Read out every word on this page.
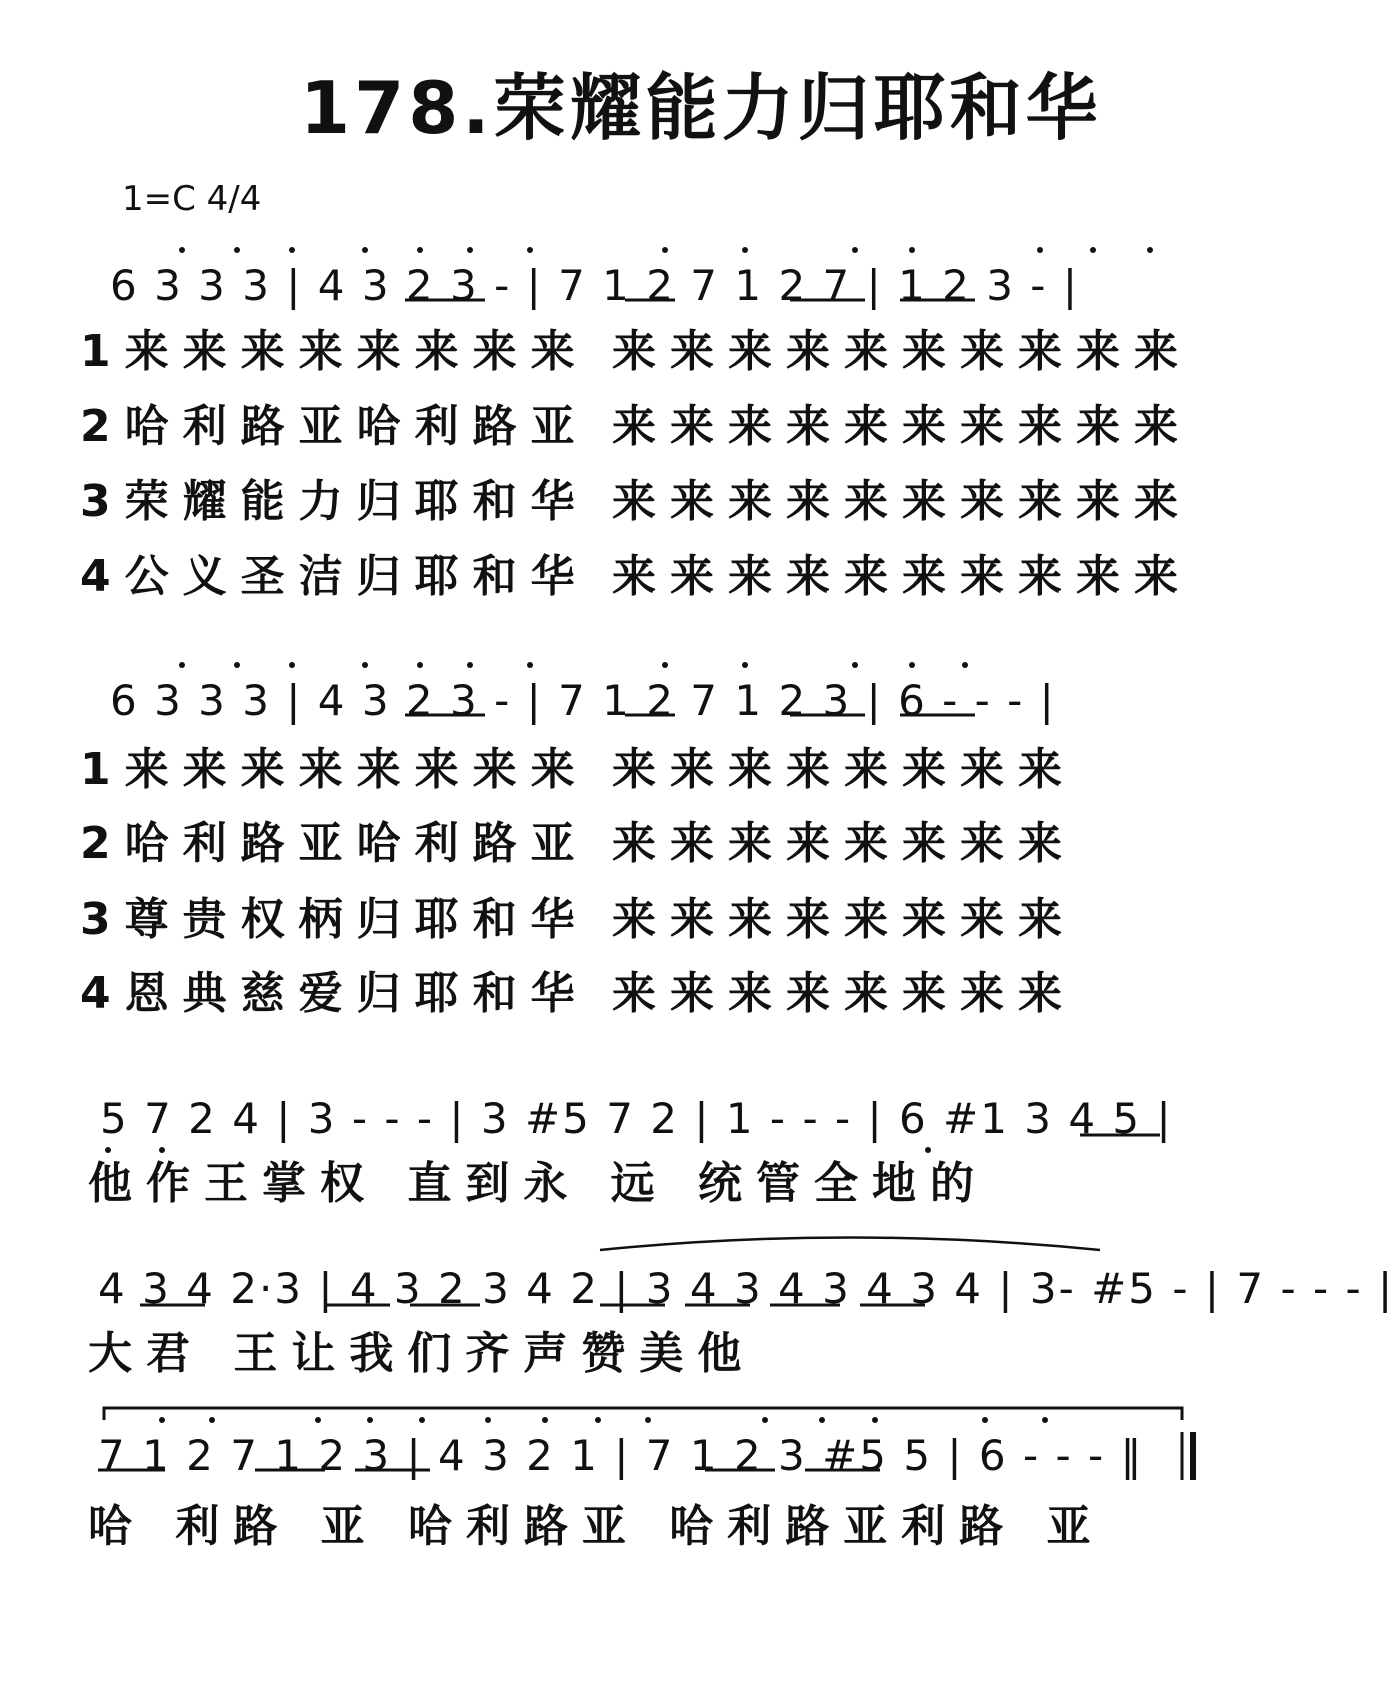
178.荣耀能力归耶和华
1=C 4/4
6 3 3 3 | 4 3 2 3 - | 7 1 2 7 1 2 7 | 1 2 3 - |
1来来来来来来来来 来来来来来来来来来来
2哈利路亚哈利路亚 来来来来来来来来来来
3荣耀能力归耶和华 来来来来来来来来来来
4公义圣洁归耶和华 来来来来来来来来来来
6 3 3 3 | 4 3 2 3 - | 7 1 2 7 1 2 3 | 6 - - - |
1来来来来来来来来 来来来来来来来来
2哈利路亚哈利路亚 来来来来来来来来
3尊贵权柄归耶和华 来来来来来来来来
4恩典慈爱归耶和华 来来来来来来来来
5 7 2 4 | 3 - - - | 3 #5 7 2 | 1 - - - | 6 #1 3 4 5 |
他作王掌权 直到永 远 统管全地的
4 3 4 2·3 | 4 3 2 3 4 2 | 3 4 3 4 3 4 3 4 | 3- #5 - | 7 - - - |
大君 王让我们齐声赞美他
7 1 2 7 1 2 3 | 4 3 2 1 | 7 1 2 3 #5 5 | 6 - - - ‖
哈 利路 亚 哈利路亚 哈利路亚利路 亚
